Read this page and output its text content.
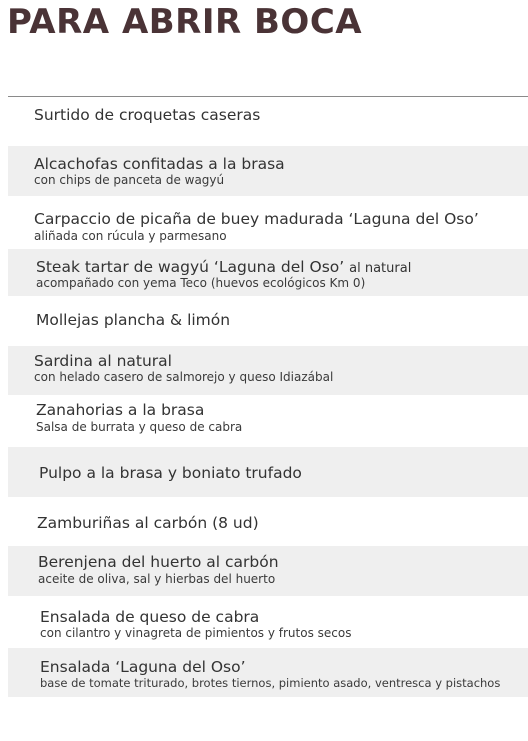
PARA ABRIR BOCA
Surtido de croquetas caseras
Alcachofas confitadas a la brasa
con chips de panceta de wagyú
Carpaccio de picaña de buey madurada ‘Laguna del Oso’
aliñada con rúcula y parmesano
Steak tartar de wagyú ‘Laguna del Oso’ al natural
acompañado con yema Teco (huevos ecológicos Km 0)
Mollejas plancha & limón
Sardina al natural
con helado casero de salmorejo y queso Idiazábal
Zanahorias a la brasa
Salsa de burrata y queso de cabra
Pulpo a la brasa y boniato trufado
Zamburiñas al carbón (8 ud)
Berenjena del huerto al carbón
aceite de oliva, sal y hierbas del huerto
Ensalada de queso de cabra
con cilantro y vinagreta de pimientos y frutos secos
Ensalada ‘Laguna del Oso’
base de tomate triturado, brotes tiernos, pimiento asado, ventresca y pistachos
